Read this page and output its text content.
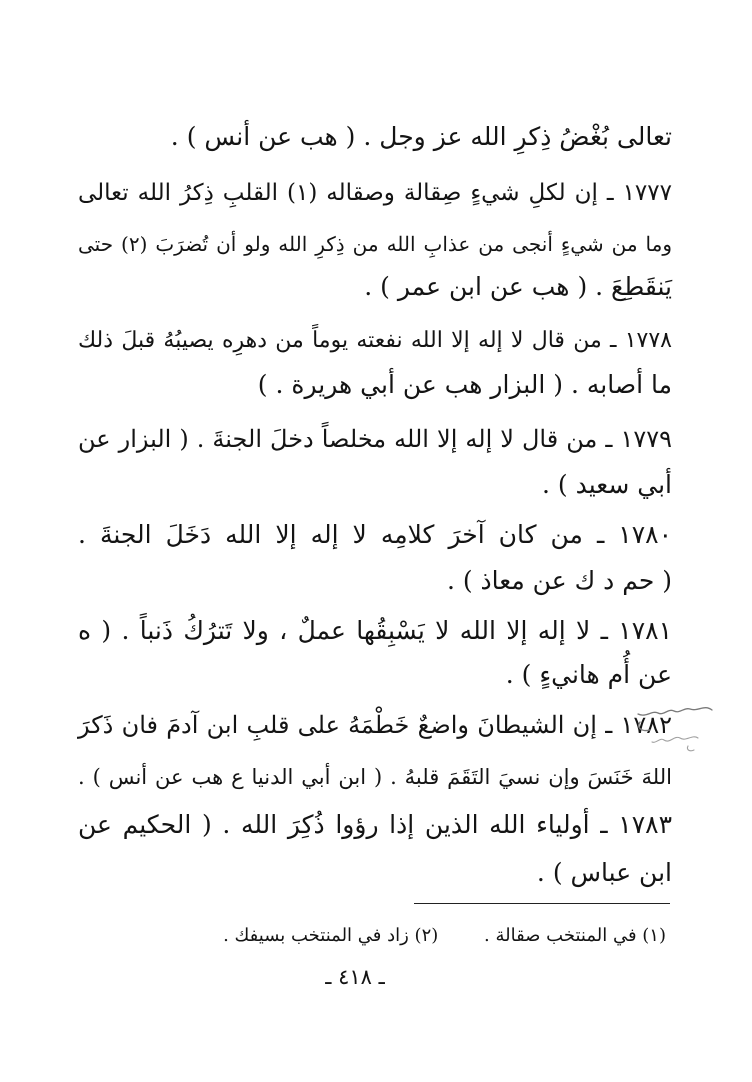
تعالى بُغْضُ ذِكرِ الله عز وجل . ( هب عن أنس ) .
١٧٧٧ ـ إن لكلِ شيءٍ صِقالة وصقاله (١) القلبِ ذِكرُ الله تعالى
وما من شيءٍ أنجى من عذابِ الله من ذِكرِ الله ولو أن تُضرَبَ (٢) حتى
يَنقَطِعَ . ( هب عن ابن عمر ) .
١٧٧٨ ـ من قال لا إله إلا الله نفعته يوماً من دهرِه يصيبُهُ قبلَ ذلك
ما أصابه . ( البزار هب عن أبي هريرة . )
١٧٧٩ ـ من قال لا إله إلا الله مخلصاً دخلَ الجنةَ . ( البزار عن
أبي سعيد ) .
١٧٨٠ ـ من كان آخرَ كلامِه لا إله إلا الله دَخَلَ الجنةَ .
( حم د ك عن معاذ ) .
١٧٨١ ـ لا إله إلا الله لا يَسْبِقُها عملٌ ، ولا تَترُكُ ذَنباً . ( ه
عن أُم هانيءٍ ) .
١٧٨٢ ـ إن الشيطانَ واضعٌ خَطْمَهُ على قلبِ ابن آدمَ فان ذَكرَ
اللهَ خَنَسَ وإن نسيَ التَقَمَ قلبهُ . ( ابن أبي الدنيا ع هب عن أنس ) .
١٧٨٣ ـ أولياء الله الذين إذا رؤوا ذُكِرَ الله . ( الحكيم عن
ابن عباس ) .
(١) في المنتخب صقالة . (٢) زاد في المنتخب بسيفك .
ـ ٤١٨ ـ
